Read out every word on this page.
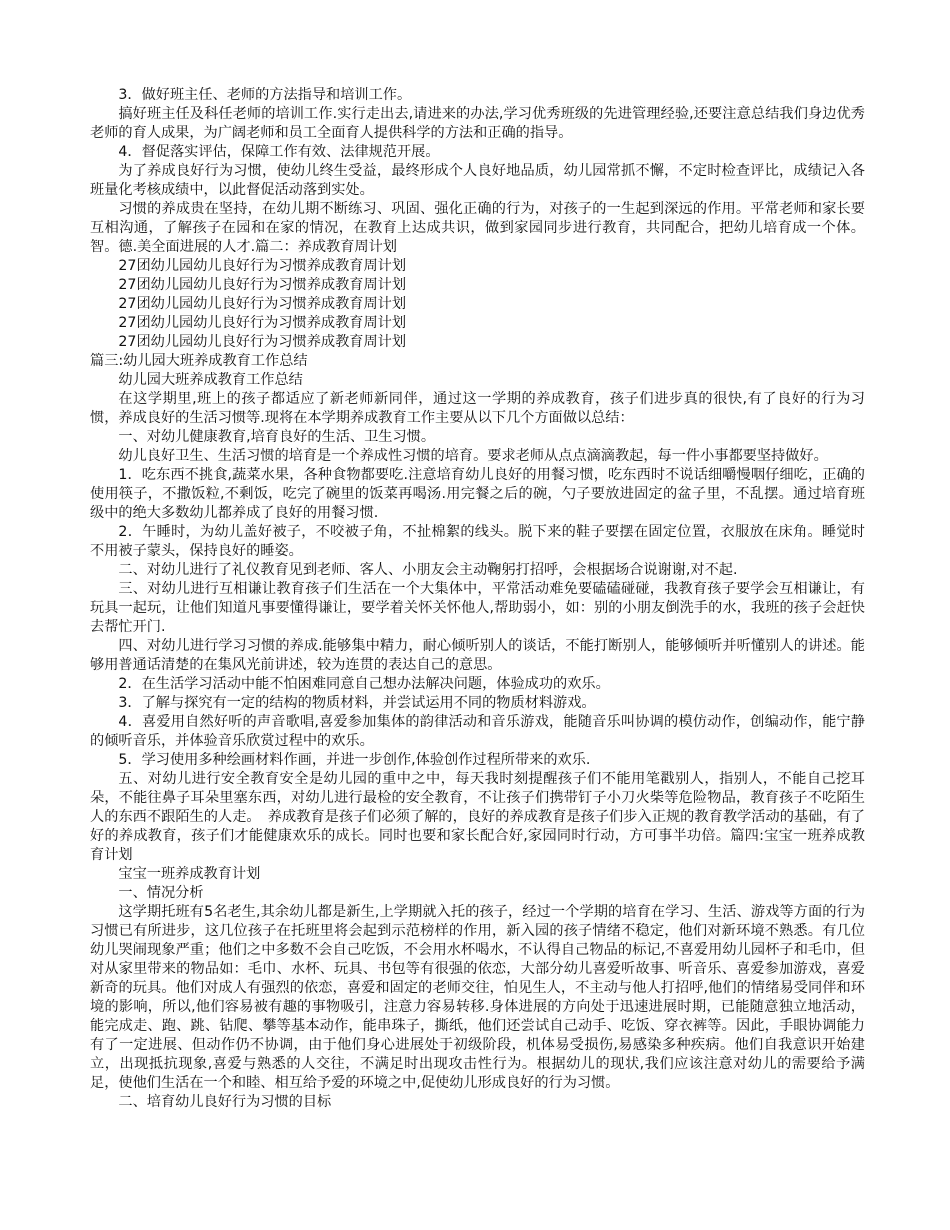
3．做好班主任、老师的方法指导和培训工作。

搞好班主任及科任老师的培训工作.实行走出去,请进来的办法,学习优秀班级的先进管理经验,还要注意总结我们身边优秀老师的育人成果，为广阔老师和员工全面育人提供科学的方法和正确的指导。

4．督促落实评估，保障工作有效、法律规范开展。

为了养成良好行为习惯，使幼儿终生受益，最终形成个人良好地品质，幼儿园常抓不懈，不定时检查评比，成绩记入各班量化考核成绩中，以此督促活动落到实处。

习惯的养成贵在坚持，在幼儿期不断练习、巩固、强化正确的行为，对孩子的一生起到深远的作用。平常老师和家长要互相沟通，了解孩子在园和在家的情况，在教育上达成共识，做到家园同步进行教育，共同配合，把幼儿培育成一个体。智。德.美全面进展的人才.篇二：养成教育周计划

27团幼儿园幼儿良好行为习惯养成教育周计划

27团幼儿园幼儿良好行为习惯养成教育周计划

27团幼儿园幼儿良好行为习惯养成教育周计划

27团幼儿园幼儿良好行为习惯养成教育周计划

27团幼儿园幼儿良好行为习惯养成教育周计划

篇三:幼儿园大班养成教育工作总结

幼儿园大班养成教育工作总结

在这学期里,班上的孩子都适应了新老师新同伴，通过这一学期的养成教育，孩子们进步真的很快,有了良好的行为习惯，养成良好的生活习惯等.现将在本学期养成教育工作主要从以下几个方面做以总结：

一、对幼儿健康教育,培育良好的生活、卫生习惯。

幼儿良好卫生、生活习惯的培育是一个养成性习惯的培育。要求老师从点点滴滴教起，每一件小事都要坚持做好。

1．吃东西不挑食,蔬菜水果，各种食物都要吃.注意培育幼儿良好的用餐习惯，吃东西时不说话细嚼慢咽仔细吃，正确的使用筷子，不撒饭粒,不剩饭，吃完了碗里的饭菜再喝汤.用完餐之后的碗，勺子要放进固定的盆子里，不乱摆。通过培育班级中的绝大多数幼儿都养成了良好的用餐习惯.

2．午睡时，为幼儿盖好被子，不咬被子角，不扯棉絮的线头。脱下来的鞋子要摆在固定位置，衣服放在床角。睡觉时不用被子蒙头，保持良好的睡姿。

二、对幼儿进行了礼仪教育见到老师、客人、小朋友会主动鞠躬打招呼，会根据场合说谢谢,对不起.

三、对幼儿进行互相谦让教育孩子们生活在一个大集体中，平常活动难免要磕磕碰碰，我教育孩子要学会互相谦让，有玩具一起玩，让他们知道凡事要懂得谦让，要学着关怀关怀他人,帮助弱小，如：别的小朋友倒洗手的水，我班的孩子会赶快去帮忙开门.

四、对幼儿进行学习习惯的养成.能够集中精力，耐心倾听别人的谈话，不能打断别人，能够倾听并听懂别人的讲述。能够用普通话清楚的在集风光前讲述，较为连贯的表达自己的意思。

2．在生活学习活动中能不怕困难同意自己想办法解决问题，体验成功的欢乐。

3．了解与探究有一定的结构的物质材料，并尝试运用不同的物质材料游戏。

4．喜爱用自然好听的声音歌唱,喜爱参加集体的韵律活动和音乐游戏，能随音乐叫协调的模仿动作，创编动作，能宁静的倾听音乐，并体验音乐欣赏过程中的欢乐。

5．学习使用多种绘画材料作画，并进一步创作,体验创作过程所带来的欢乐.

五、对幼儿进行安全教育安全是幼儿园的重中之中，每天我时刻提醒孩子们不能用笔戳别人，指别人，不能自己挖耳朵，不能往鼻子耳朵里塞东西，对幼儿进行最检的安全教育，不让孩子们携带钉子小刀火柴等危险物品，教育孩子不吃陌生人的东西不跟陌生的人走。　养成教育是孩子们必须了解的，良好的养成教育是孩子们步入正规的教育教学活动的基础，有了好的养成教育，孩子们才能健康欢乐的成长。同时也要和家长配合好,家园同时行动，方可事半功倍。篇四:宝宝一班养成教育计划

宝宝一班养成教育计划

一、情况分析

这学期托班有5名老生,其余幼儿都是新生,上学期就入托的孩子，经过一个学期的培育在学习、生活、游戏等方面的行为习惯已有所进步，这几位孩子在托班里将会起到示范榜样的作用，新入园的孩子情绪不稳定，他们对新环境不熟悉。有几位幼儿哭闹现象严重；他们之中多数不会自己吃饭，不会用水杯喝水，不认得自己物品的标记,不喜爱用幼儿园杯子和毛巾，但对从家里带来的物品如：毛巾、水杯、玩具、书包等有很强的依恋，大部分幼儿喜爱听故事、听音乐、喜爱参加游戏，喜爱新奇的玩具。他们对成人有强烈的依恋，喜爱和固定的老师交往，怕见生人，不主动与他人打招呼,他们的情绪易受同伴和环境的影响，所以,他们容易被有趣的事物吸引，注意力容易转移.身体进展的方向处于迅速进展时期，已能随意独立地活动，能完成走、跑、跳、钻爬、攀等基本动作，能串珠子，撕纸，他们还尝试自己动手、吃饭、穿衣裤等。因此，手眼协调能力有了一定进展、但动作仍不协调，由于他们身心进展处于初级阶段，机体易受损伤,易感染多种疾病。他们自我意识开始建立，出现抵抗现象,喜爱与熟悉的人交往，不满足时出现攻击性行为。根据幼儿的现状,我们应该注意对幼儿的需要给予满足，使他们生活在一个和睦、相互给予爱的环境之中,促使幼儿形成良好的行为习惯。

二、培育幼儿良好行为习惯的目标
